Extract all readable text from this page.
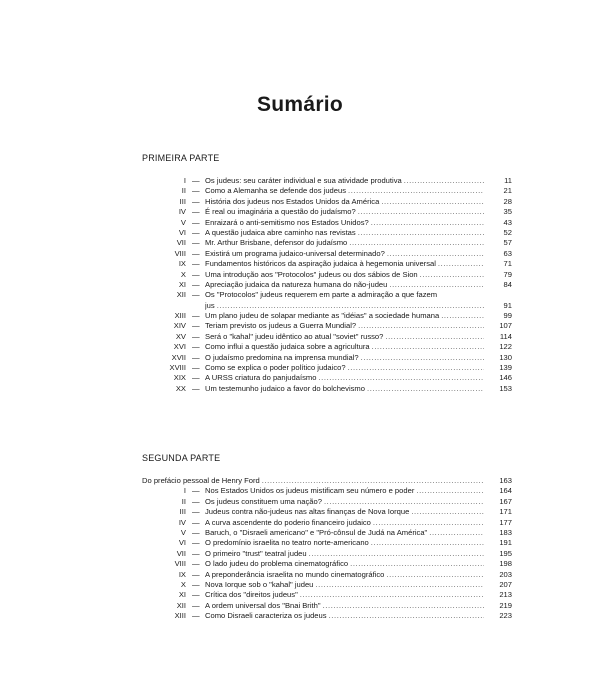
Sumário
PRIMEIRA PARTE
I — Os judeus: seu caráter individual e sua atividade produtiva .....	11
II — Como a Alemanha se defende dos judeus .....	21
III — História dos judeus nos Estados Unidos da América .....	28
IV — É real ou imaginária a questão do judaísmo? .....	35
V — Enraizará o anti-semitismo nos Estados Unidos? .....	43
VI — A questão judaica abre caminho nas revistas .....	52
VII — Mr. Arthur Brisbane, defensor do judaísmo .....	57
VIII — Existirá um programa judaico-universal determinado? .....	63
IX — Fundamentos históricos da aspiração judaica à hegemonia universal .....	71
X — Uma introdução aos "Protocolos" judeus ou dos sábios de Sion .....	79
XI — Apreciação judaica da natureza humana do não-judeu .....	84
XII — Os "Protocolos" judeus requerem em parte a admiração a que fazem
jus .....	91
XIII — Um plano judeu de solapar mediante as "idéias" a sociedade humana .....	99
XIV — Teriam previsto os judeus a Guerra Mundial? .....	107
XV — Será o "kahal" judeu idêntico ao atual "soviet" russo? .....	114
XVI — Como influi a questão judaica sobre a agricultura .....	122
XVII — O judaísmo predomina na imprensa mundial? .....	130
XVIII — Como se explica o poder político judaico? .....	139
XIX — A URSS criatura do panjudaísmo .....	146
XX — Um testemunho judaico a favor do bolchevismo .....	153
SEGUNDA PARTE
Do prefácio pessoal de Henry Ford .....	163
I — Nos Estados Unidos os judeus mistificam seu número e poder .....	164
II — Os judeus constituem uma nação? .....	167
III — Judeus contra não-judeus nas altas finanças de Nova Iorque .....	171
IV — A curva ascendente do poderio financeiro judaico .....	177
V — Baruch, o "Disraeli americano" e "Pró-cônsul de Judá na América" .....	183
VI — O predomínio israelita no teatro norte-americano .....	191
VII — O primeiro "trust" teatral judeu .....	195
VIII — O lado judeu do problema cinematográfico .....	198
IX — A preponderância israelita no mundo cinematográfico .....	203
X — Nova Iorque sob o "kahal" judeu .....	207
XI — Crítica dos "direitos judeus" .....	213
XII — A ordem universal dos "Bnai Brith" .....	219
XIII — Como Disraeli caracteriza os judeus .....	223
